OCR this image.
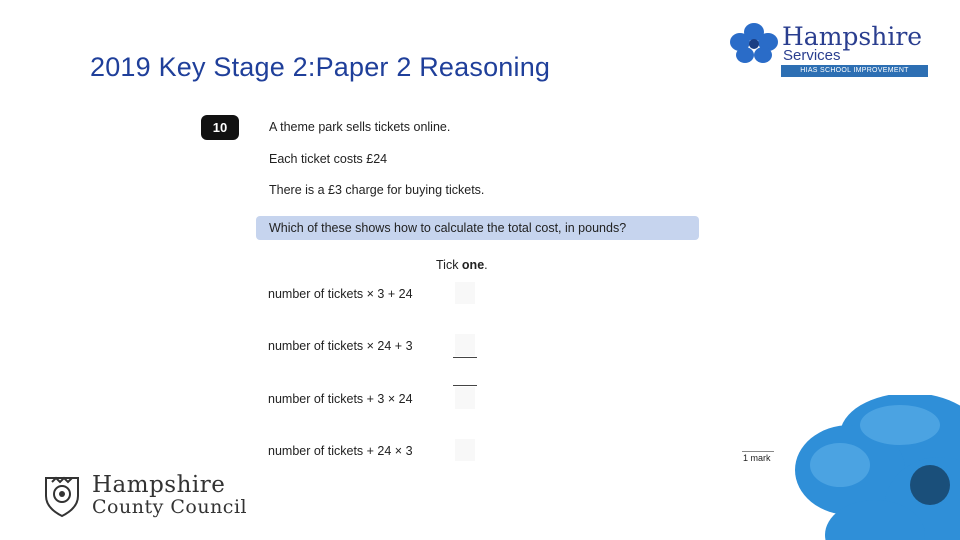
2019 Key Stage 2:Paper 2 Reasoning
Hampshire
Services
HIAS SCHOOL IMPROVEMENT
10	A theme park sells tickets online.
Each ticket costs £24
There is a £3 charge for buying tickets.
Which of these shows how to calculate the total cost, in pounds?
Tick one.
number of tickets × 3 + 24
number of tickets × 24 + 3
number of tickets + 3 × 24
number of tickets + 24 × 3	1 mark
Hampshire
County Council
